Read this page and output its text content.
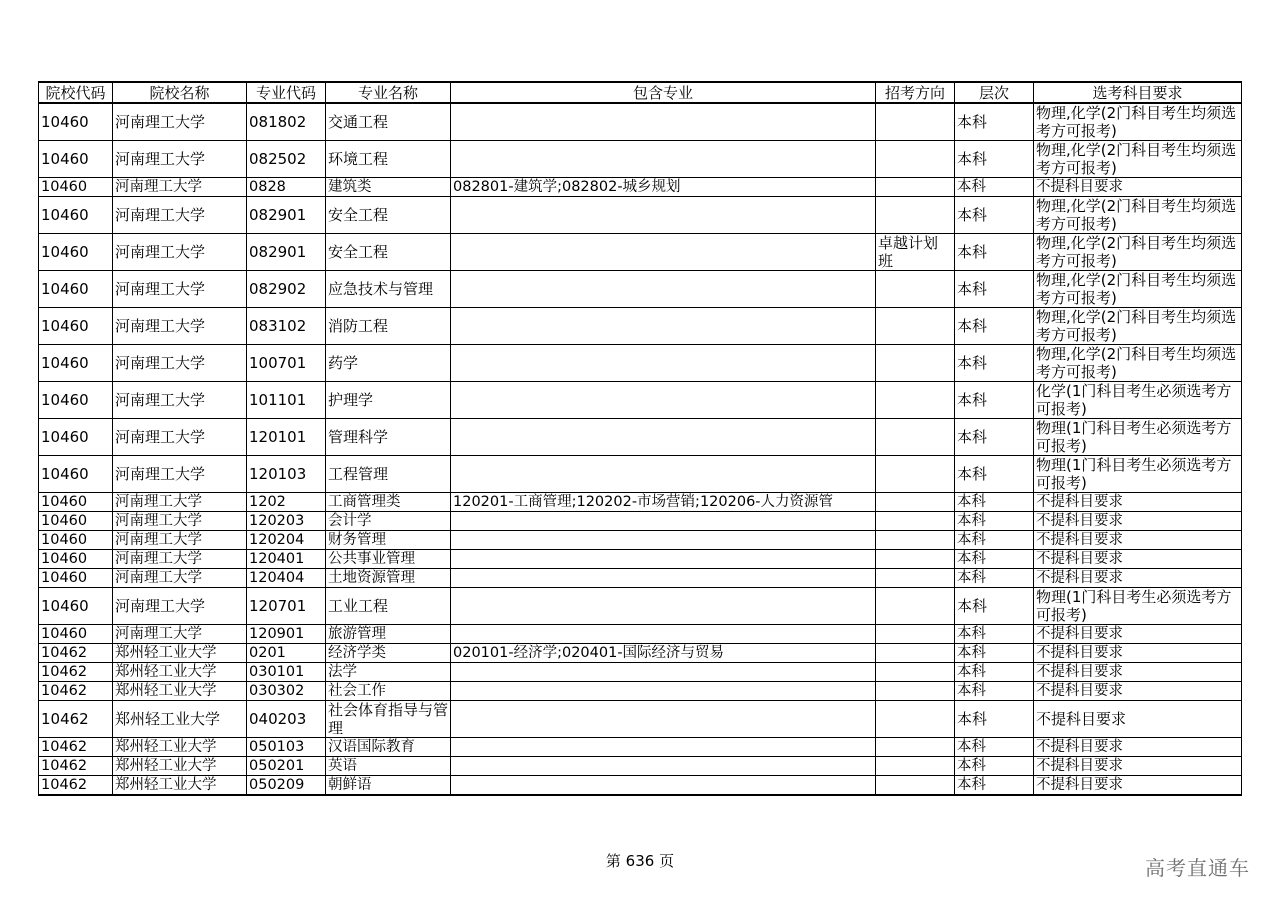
院校代码	院校名称	专业代码	专业名称	包含专业	招考方向	层次	选考科目要求
10460	河南理工大学	081802	交通工程			本科	物理,化学(2门科目考生均须选考方可报考)
10460	河南理工大学	082502	环境工程			本科	物理,化学(2门科目考生均须选考方可报考)
10460	河南理工大学	0828	建筑类	082801-建筑学;082802-城乡规划		本科	不提科目要求
10460	河南理工大学	082901	安全工程			本科	物理,化学(2门科目考生均须选考方可报考)
10460	河南理工大学	082901	安全工程		卓越计划班	本科	物理,化学(2门科目考生均须选考方可报考)
10460	河南理工大学	082902	应急技术与管理			本科	物理,化学(2门科目考生均须选考方可报考)
10460	河南理工大学	083102	消防工程			本科	物理,化学(2门科目考生均须选考方可报考)
10460	河南理工大学	100701	药学			本科	物理,化学(2门科目考生均须选考方可报考)
10460	河南理工大学	101101	护理学			本科	化学(1门科目考生必须选考方可报考)
10460	河南理工大学	120101	管理科学			本科	物理(1门科目考生必须选考方可报考)
10460	河南理工大学	120103	工程管理			本科	物理(1门科目考生必须选考方可报考)
10460	河南理工大学	1202	工商管理类	120201-工商管理;120202-市场营销;120206-人力资源管		本科	不提科目要求
10460	河南理工大学	120203	会计学			本科	不提科目要求
10460	河南理工大学	120204	财务管理			本科	不提科目要求
10460	河南理工大学	120401	公共事业管理			本科	不提科目要求
10460	河南理工大学	120404	土地资源管理			本科	不提科目要求
10460	河南理工大学	120701	工业工程			本科	物理(1门科目考生必须选考方可报考)
10460	河南理工大学	120901	旅游管理			本科	不提科目要求
10462	郑州轻工业大学	0201	经济学类	020101-经济学;020401-国际经济与贸易		本科	不提科目要求
10462	郑州轻工业大学	030101	法学			本科	不提科目要求
10462	郑州轻工业大学	030302	社会工作			本科	不提科目要求
10462	郑州轻工业大学	040203	社会体育指导与管理			本科	不提科目要求
10462	郑州轻工业大学	050103	汉语国际教育			本科	不提科目要求
10462	郑州轻工业大学	050201	英语			本科	不提科目要求
10462	郑州轻工业大学	050209	朝鲜语			本科	不提科目要求
第 636 页	高考直通车
